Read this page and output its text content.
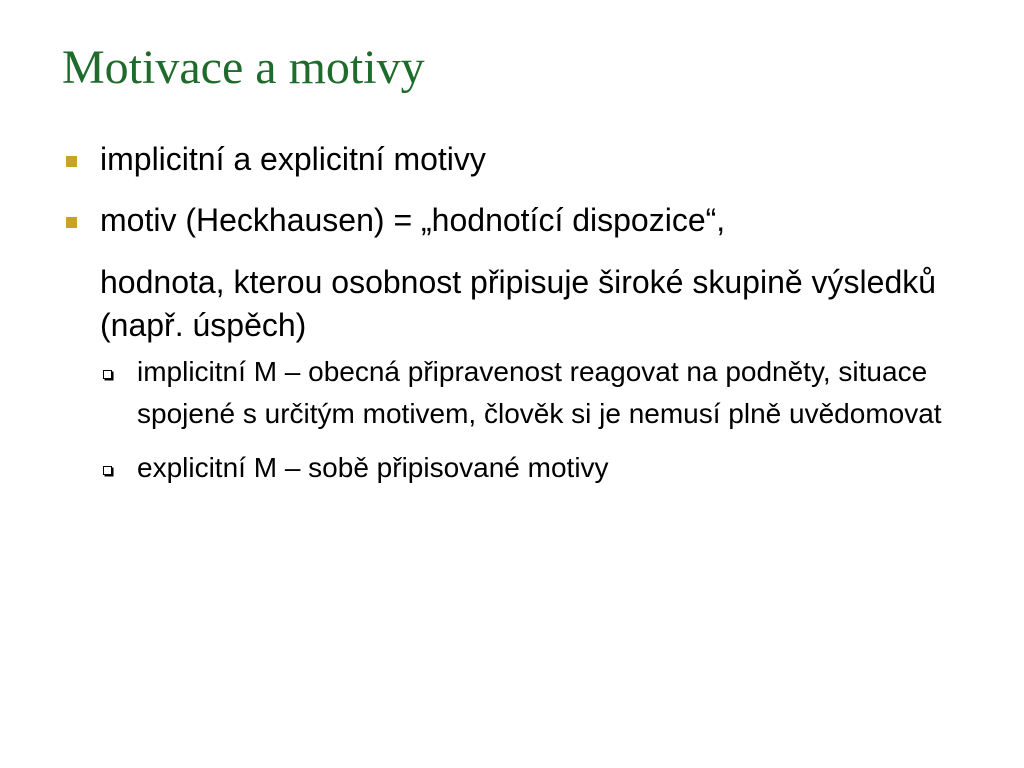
Motivace a motivy
implicitní a explicitní motivy
motiv (Heckhausen) = „hodnotící dispozice“,
hodnota, kterou osobnost připisuje široké skupině výsledků (např. úspěch)
implicitní M – obecná připravenost reagovat na podněty, situace spojené s určitým motivem, člověk si je nemusí plně uvědomovat
explicitní M – sobě připisované motivy
